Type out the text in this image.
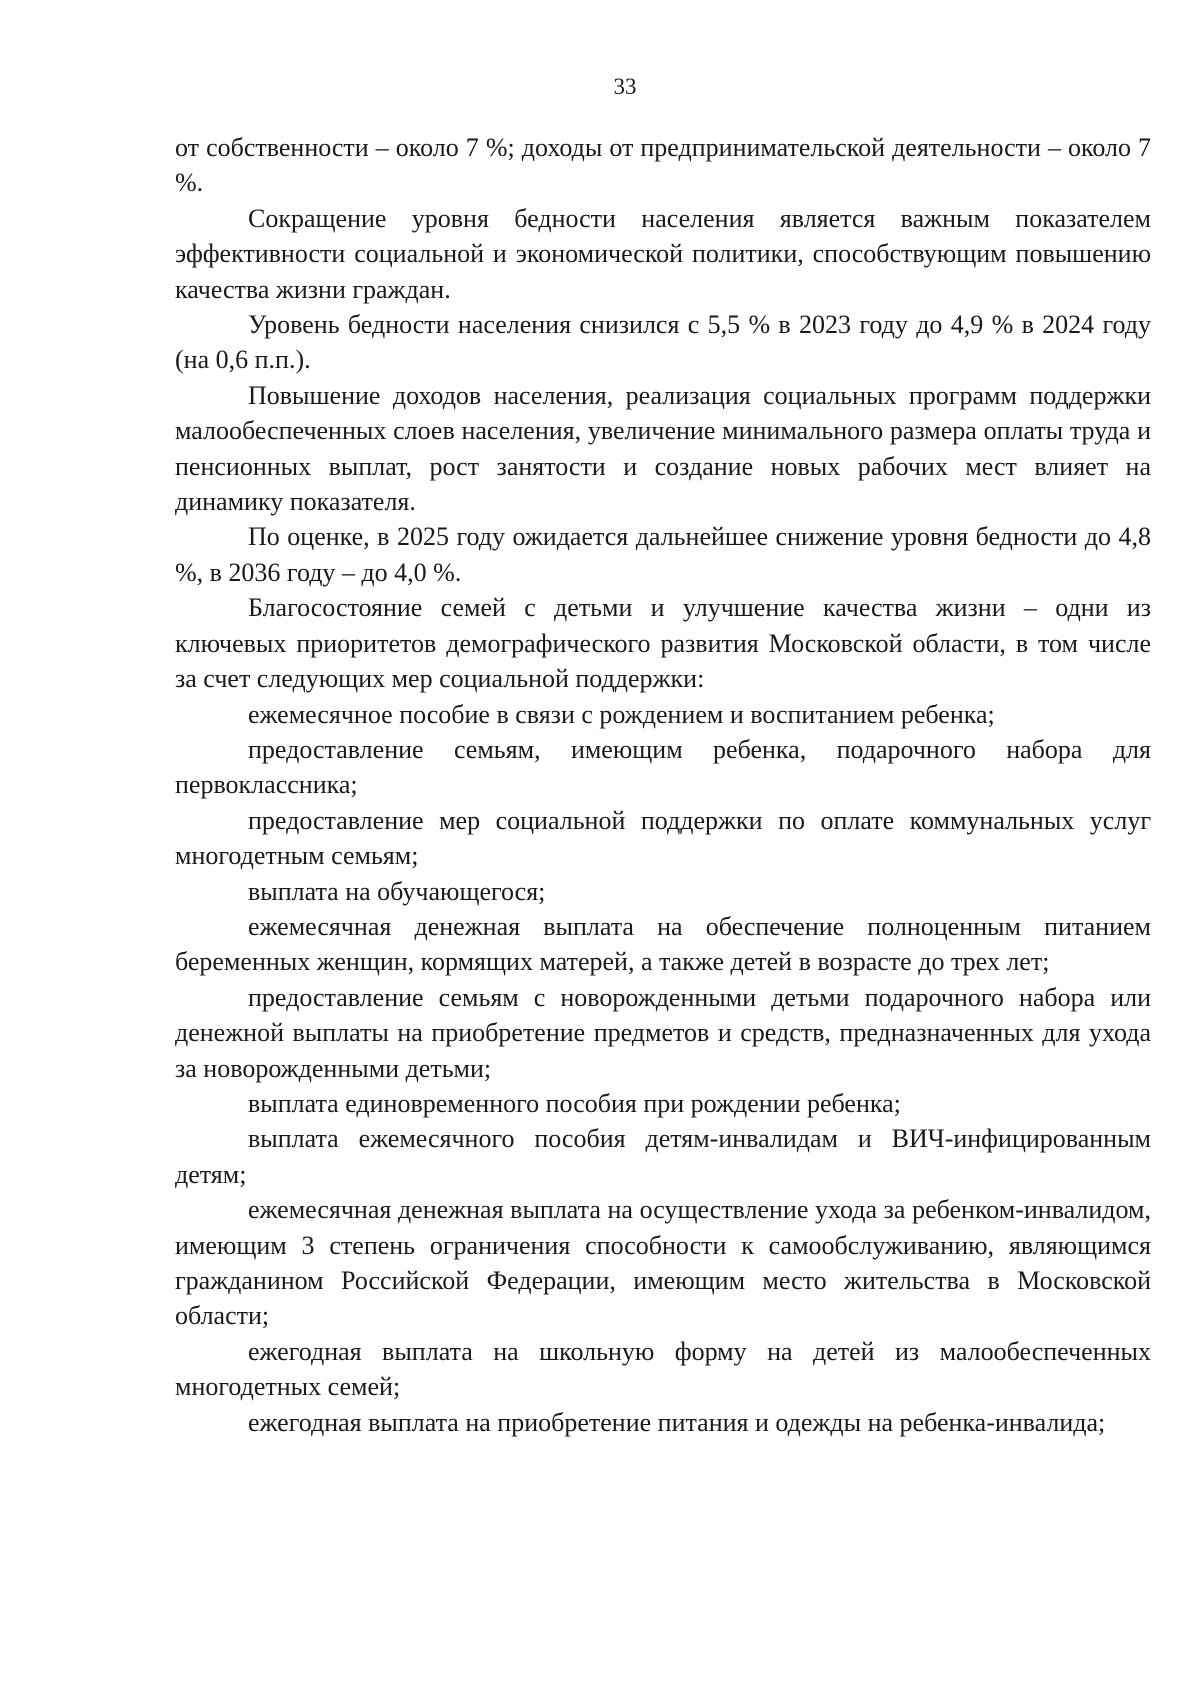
33

от собственности – около 7 %; доходы от предпринимательской деятельности – около 7 %.

Сокращение уровня бедности населения является важным показателем эффективности социальной и экономической политики, способствующим повышению качества жизни граждан.

Уровень бедности населения снизился с 5,5 % в 2023 году до 4,9 % в 2024 году (на 0,6 п.п.).

Повышение доходов населения, реализация социальных программ поддержки малообеспеченных слоев населения, увеличение минимального размера оплаты труда и пенсионных выплат, рост занятости и создание новых рабочих мест влияет на динамику показателя.

По оценке, в 2025 году ожидается дальнейшее снижение уровня бедности до 4,8 %, в 2036 году – до 4,0 %.

Благосостояние семей с детьми и улучшение качества жизни – одни из ключевых приоритетов демографического развития Московской области, в том числе за счет следующих мер социальной поддержки:

ежемесячное пособие в связи с рождением и воспитанием ребенка;

предоставление семьям, имеющим ребенка, подарочного набора для первоклассника;

предоставление мер социальной поддержки по оплате коммунальных услуг многодетным семьям;

выплата на обучающегося;

ежемесячная денежная выплата на обеспечение полноценным питанием беременных женщин, кормящих матерей, а также детей в возрасте до трех лет;

предоставление семьям с новорожденными детьми подарочного набора или денежной выплаты на приобретение предметов и средств, предназначенных для ухода за новорожденными детьми;

выплата единовременного пособия при рождении ребенка;

выплата ежемесячного пособия детям-инвалидам и ВИЧ-инфицированным детям;

ежемесячная денежная выплата на осуществление ухода за ребенком-инвалидом, имеющим 3 степень ограничения способности к самообслуживанию, являющимся гражданином Российской Федерации, имеющим место жительства в Московской области;

ежегодная выплата на школьную форму на детей из малообеспеченных многодетных семей;

ежегодная выплата на приобретение питания и одежды на ребенка-инвалида;
